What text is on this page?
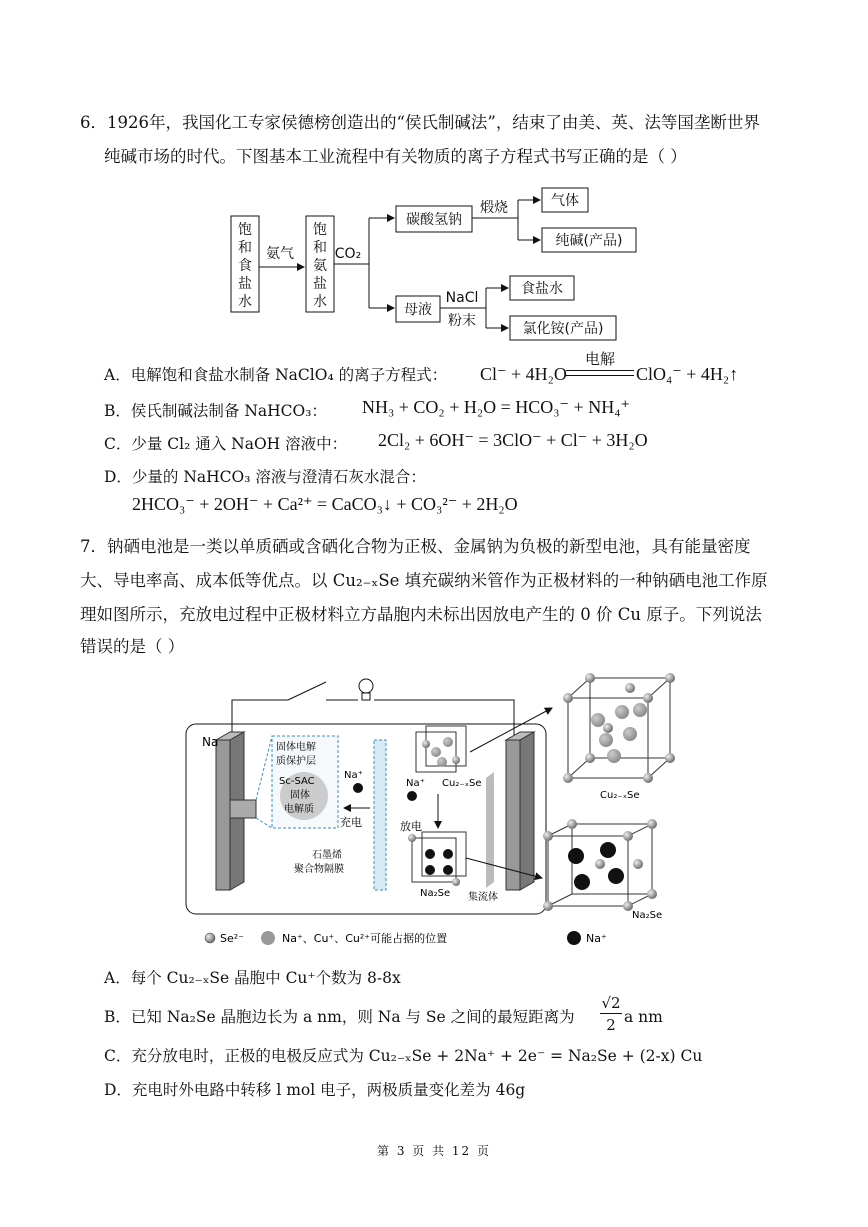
6．1926年，我国化工专家侯德榜创造出的“侯氏制碱法”，结束了由美、英、法等国垄断世界
纯碱市场的时代。下图基本工业流程中有关物质的离子方程式书写正确的是（ ）
饱
和
食
盐
水
氨气
饱
和
氨
盐
水
CO₂
碳酸氢钠
煅烧	气体
纯碱(产品)
母液
NaCl
粉末
食盐水
氯化铵(产品)
A．电解饱和食盐水制备 NaClO₄ 的离子方程式： Cl⁻ + 4H₂O
电解
ClO₄⁻ + 4H₂↑
B．侯氏制碱法制备 NaHCO₃： NH₃ + CO₂ + H₂O = HCO₃⁻ + NH₄⁺
C．少量 Cl₂ 通入 NaOH 溶液中： 2Cl₂ + 6OH⁻ = 3ClO⁻ + Cl⁻ + 3H₂O
D．少量的 NaHCO₃ 溶液与澄清石灰水混合：
2HCO₃⁻ + 2OH⁻ + Ca²⁺ = CaCO₃↓ + CO₃²⁻ + 2H₂O
7．钠硒电池是一类以单质硒或含硒化合物为正极、金属钠为负极的新型电池，具有能量密度
大、导电率高、成本低等优点。以 Cu₂₋ₓSe 填充碳纳米管作为正极材料的一种钠硒电池工作原
理如图所示，充放电过程中正极材料立方晶胞内未标出因放电产生的 0 价 Cu 原子。下列说法
错误的是（ ）
Na	固体电解
质保护层
Sc-SAC
固体
电解质
Na⁺
充电
石墨烯
聚合物隔膜
Na⁺ Cu₂₋ₓSe
放电
Na₂Se 集流体
Cu₂₋ₓSe
Na₂Se
Se²⁻	Na⁺、Cu⁺、Cu²⁺可能占据的位置	Na⁺
A．每个 Cu₂₋ₓSe 晶胞中 Cu⁺个数为 8-8x
B．已知 Na₂Se 晶胞边长为 a nm，则 Na 与 Se 之间的最短距离为
√2
2 a nm
C．充分放电时，正极的电极反应式为 Cu₂₋ₓSe + 2Na⁺ + 2e⁻ = Na₂Se + (2-x) Cu
D．充电时外电路中转移 l mol 电子，两极质量变化差为 46g
第 3 页 共 12 页
